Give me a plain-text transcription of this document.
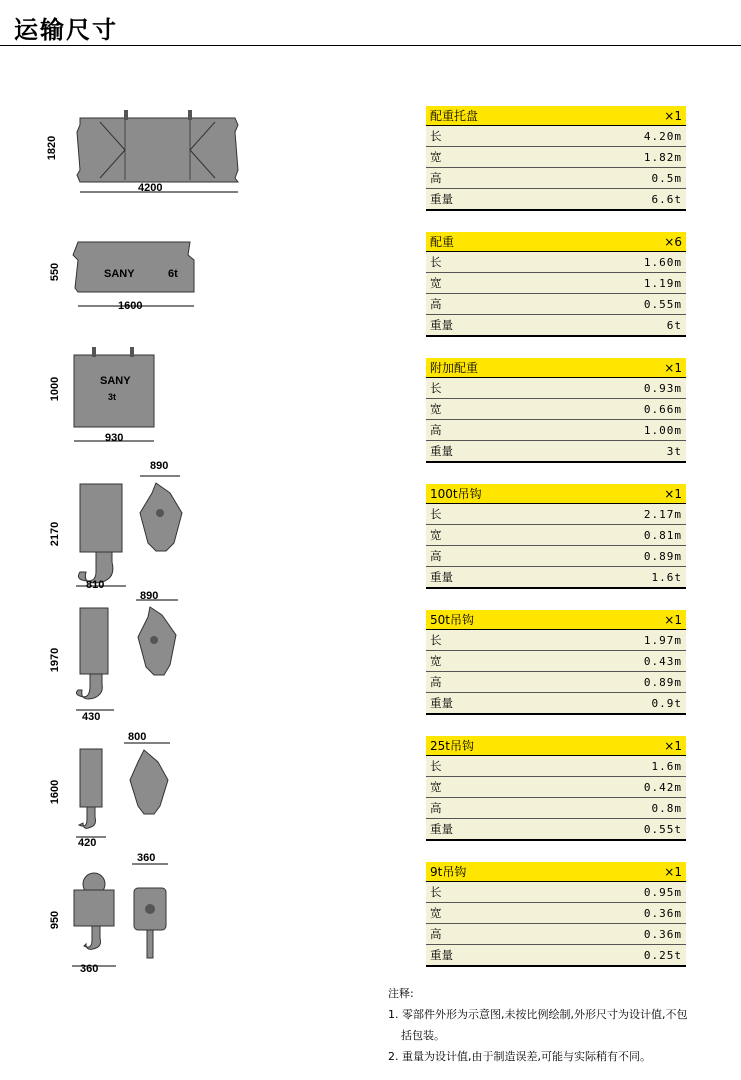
运输尺寸
配重托盘	×1
长	4.20m
宽	1.82m
高	0.5m
重量	6.6t
配重	×6
长	1.60m
宽	1.19m
高	0.55m
重量	6t
附加配重	×1
长	0.93m
宽	0.66m
高	1.00m
重量	3t
100t吊钩	×1
长	2.17m
宽	0.81m
高	0.89m
重量	1.6t
50t吊钩	×1
长	1.97m
宽	0.43m
高	0.89m
重量	0.9t
25t吊钩	×1
长	1.6m
宽	0.42m
高	0.8m
重量	0.55t
9t吊钩	×1
长	0.95m
宽	0.36m
高	0.36m
重量	0.25t
1820
4200
SANY	6t
550
1600
SANY
3t
1000
930
890
2170
810
890
1970
430
800
1600
420
360
950
360
注释:
1. 零部件外形为示意图,未按比例绘制,外形尺寸为设计值,不包
括包装。
2. 重量为设计值,由于制造误差,可能与实际稍有不同。
